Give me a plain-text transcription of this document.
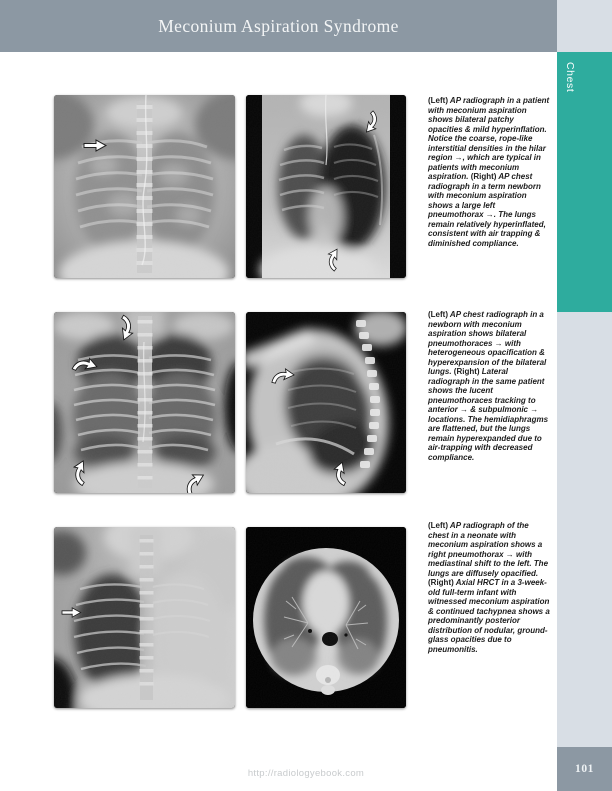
Meconium Aspiration Syndrome
Chest
101
(Left) AP radiograph in a patient with meconium aspiration shows bilateral patchy opacities & mild hyperinflation. Notice the coarse, rope-like interstitial densities in the hilar region →, which are typical in patients with meconium aspiration. (Right) AP chest radiograph in a term newborn with meconium aspiration shows a large left pneumothorax →. The lungs remain relatively hyperinflated, consistent with air trapping & diminished compliance.
(Left) AP chest radiograph in a newborn with meconium aspiration shows bilateral pneumothoraces → with heterogeneous opacification & hyperexpansion of the bilateral lungs. (Right) Lateral radiograph in the same patient shows the lucent pneumothoraces tracking to anterior → & subpulmonic → locations. The hemidiaphragms are flattened, but the lungs remain hyperexpanded due to air-trapping with decreased compliance.
(Left) AP radiograph of the chest in a neonate with meconium aspiration shows a right pneumothorax → with mediastinal shift to the left. The lungs are diffusely opacified. (Right) Axial HRCT in a 3-week-old full-term infant with witnessed meconium aspiration & continued tachypnea shows a predominantly posterior distribution of nodular, ground-glass opacities due to pneumonitis.
http://radiologyebook.com
